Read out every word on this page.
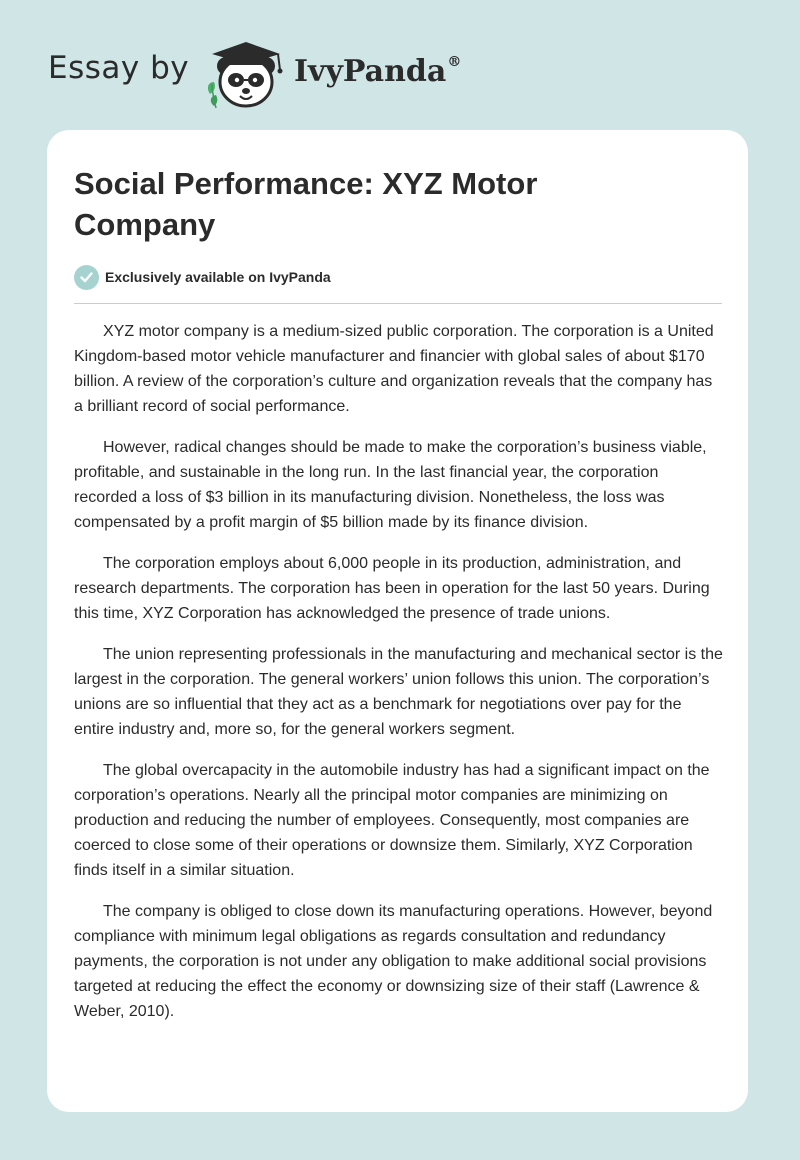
Essay by	IvyPanda®
Social Performance: XYZ Motor Company
Exclusively available on IvyPanda

XYZ motor company is a medium-sized public corporation. The corporation is a United Kingdom-based motor vehicle manufacturer and financier with global sales of about $170 billion. A review of the corporation’s culture and organization reveals that the company has a brilliant record of social performance.

However, radical changes should be made to make the corporation’s business viable, profitable, and sustainable in the long run. In the last financial year, the corporation recorded a loss of $3 billion in its manufacturing division. Nonetheless, the loss was compensated by a profit margin of $5 billion made by its finance division.

The corporation employs about 6,000 people in its production, administration, and research departments. The corporation has been in operation for the last 50 years. During this time, XYZ Corporation has acknowledged the presence of trade unions.

The union representing professionals in the manufacturing and mechanical sector is the largest in the corporation. The general workers’ union follows this union. The corporation’s unions are so influential that they act as a benchmark for negotiations over pay for the entire industry and, more so, for the general workers segment.

The global overcapacity in the automobile industry has had a significant impact on the corporation’s operations. Nearly all the principal motor companies are minimizing on production and reducing the number of employees. Consequently, most companies are coerced to close some of their operations or downsize them. Similarly, XYZ Corporation finds itself in a similar situation.

The company is obliged to close down its manufacturing operations. However, beyond compliance with minimum legal obligations as regards consultation and redundancy payments, the corporation is not under any obligation to make additional social provisions targeted at reducing the effect the economy or downsizing size of their staff (Lawrence & Weber, 2010).
